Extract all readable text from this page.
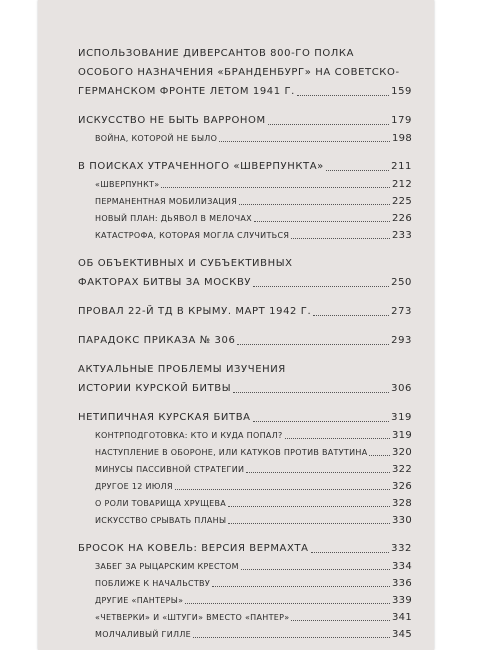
ИСПОЛЬЗОВАНИЕ ДИВЕРСАНТОВ 800-ГО ПОЛКА
ОСОБОГО НАЗНАЧЕНИЯ «БРАНДЕНБУРГ» НА СОВЕТСКО-
ГЕРМАНСКОМ ФРОНТЕ ЛЕТОМ 1941 Г.	159
ИСКУССТВО НЕ БЫТЬ ВАРРОНОМ	179
ВОЙНА, КОТОРОЙ НЕ БЫЛО	198
В ПОИСКАХ УТРАЧЕННОГО «ШВЕРПУНКТА»	211
«ШВЕРПУНКТ»	212
ПЕРМАНЕНТНАЯ МОБИЛИЗАЦИЯ	225
НОВЫЙ ПЛАН: ДЬЯВОЛ В МЕЛОЧАХ	226
КАТАСТРОФА, КОТОРАЯ МОГЛА СЛУЧИТЬСЯ	233
ОБ ОБЪЕКТИВНЫХ И СУБЪЕКТИВНЫХ
ФАКТОРАХ БИТВЫ ЗА МОСКВУ	250
ПРОВАЛ 22-Й ТД В КРЫМУ. МАРТ 1942 Г.	273
ПАРАДОКС ПРИКАЗА № 306	293
АКТУАЛЬНЫЕ ПРОБЛЕМЫ ИЗУЧЕНИЯ
ИСТОРИИ КУРСКОЙ БИТВЫ	306
НЕТИПИЧНАЯ КУРСКАЯ БИТВА	319
КОНТРПОДГОТОВКА: КТО И КУДА ПОПАЛ?	319
НАСТУПЛЕНИЕ В ОБОРОНЕ, ИЛИ КАТУКОВ ПРОТИВ ВАТУТИНА 320
МИНУСЫ ПАССИВНОЙ СТРАТЕГИИ	322
ДРУГОЕ 12 ИЮЛЯ	326
О РОЛИ ТОВАРИЩА ХРУЩЕВА	328
ИСКУССТВО СРЫВАТЬ ПЛАНЫ	330
БРОСОК НА КОВЕЛЬ: ВЕРСИЯ ВЕРМАХТА	332
ЗАБЕГ ЗА РЫЦАРСКИМ КРЕСТОМ	334
ПОБЛИЖЕ К НАЧАЛЬСТВУ	336
ДРУГИЕ «ПАНТЕРЫ»	339
«ЧЕТВЕРКИ» И «ШТУГИ» ВМЕСТО «ПАНТЕР»	341
МОЛЧАЛИВЫЙ ГИЛЛЕ	345
